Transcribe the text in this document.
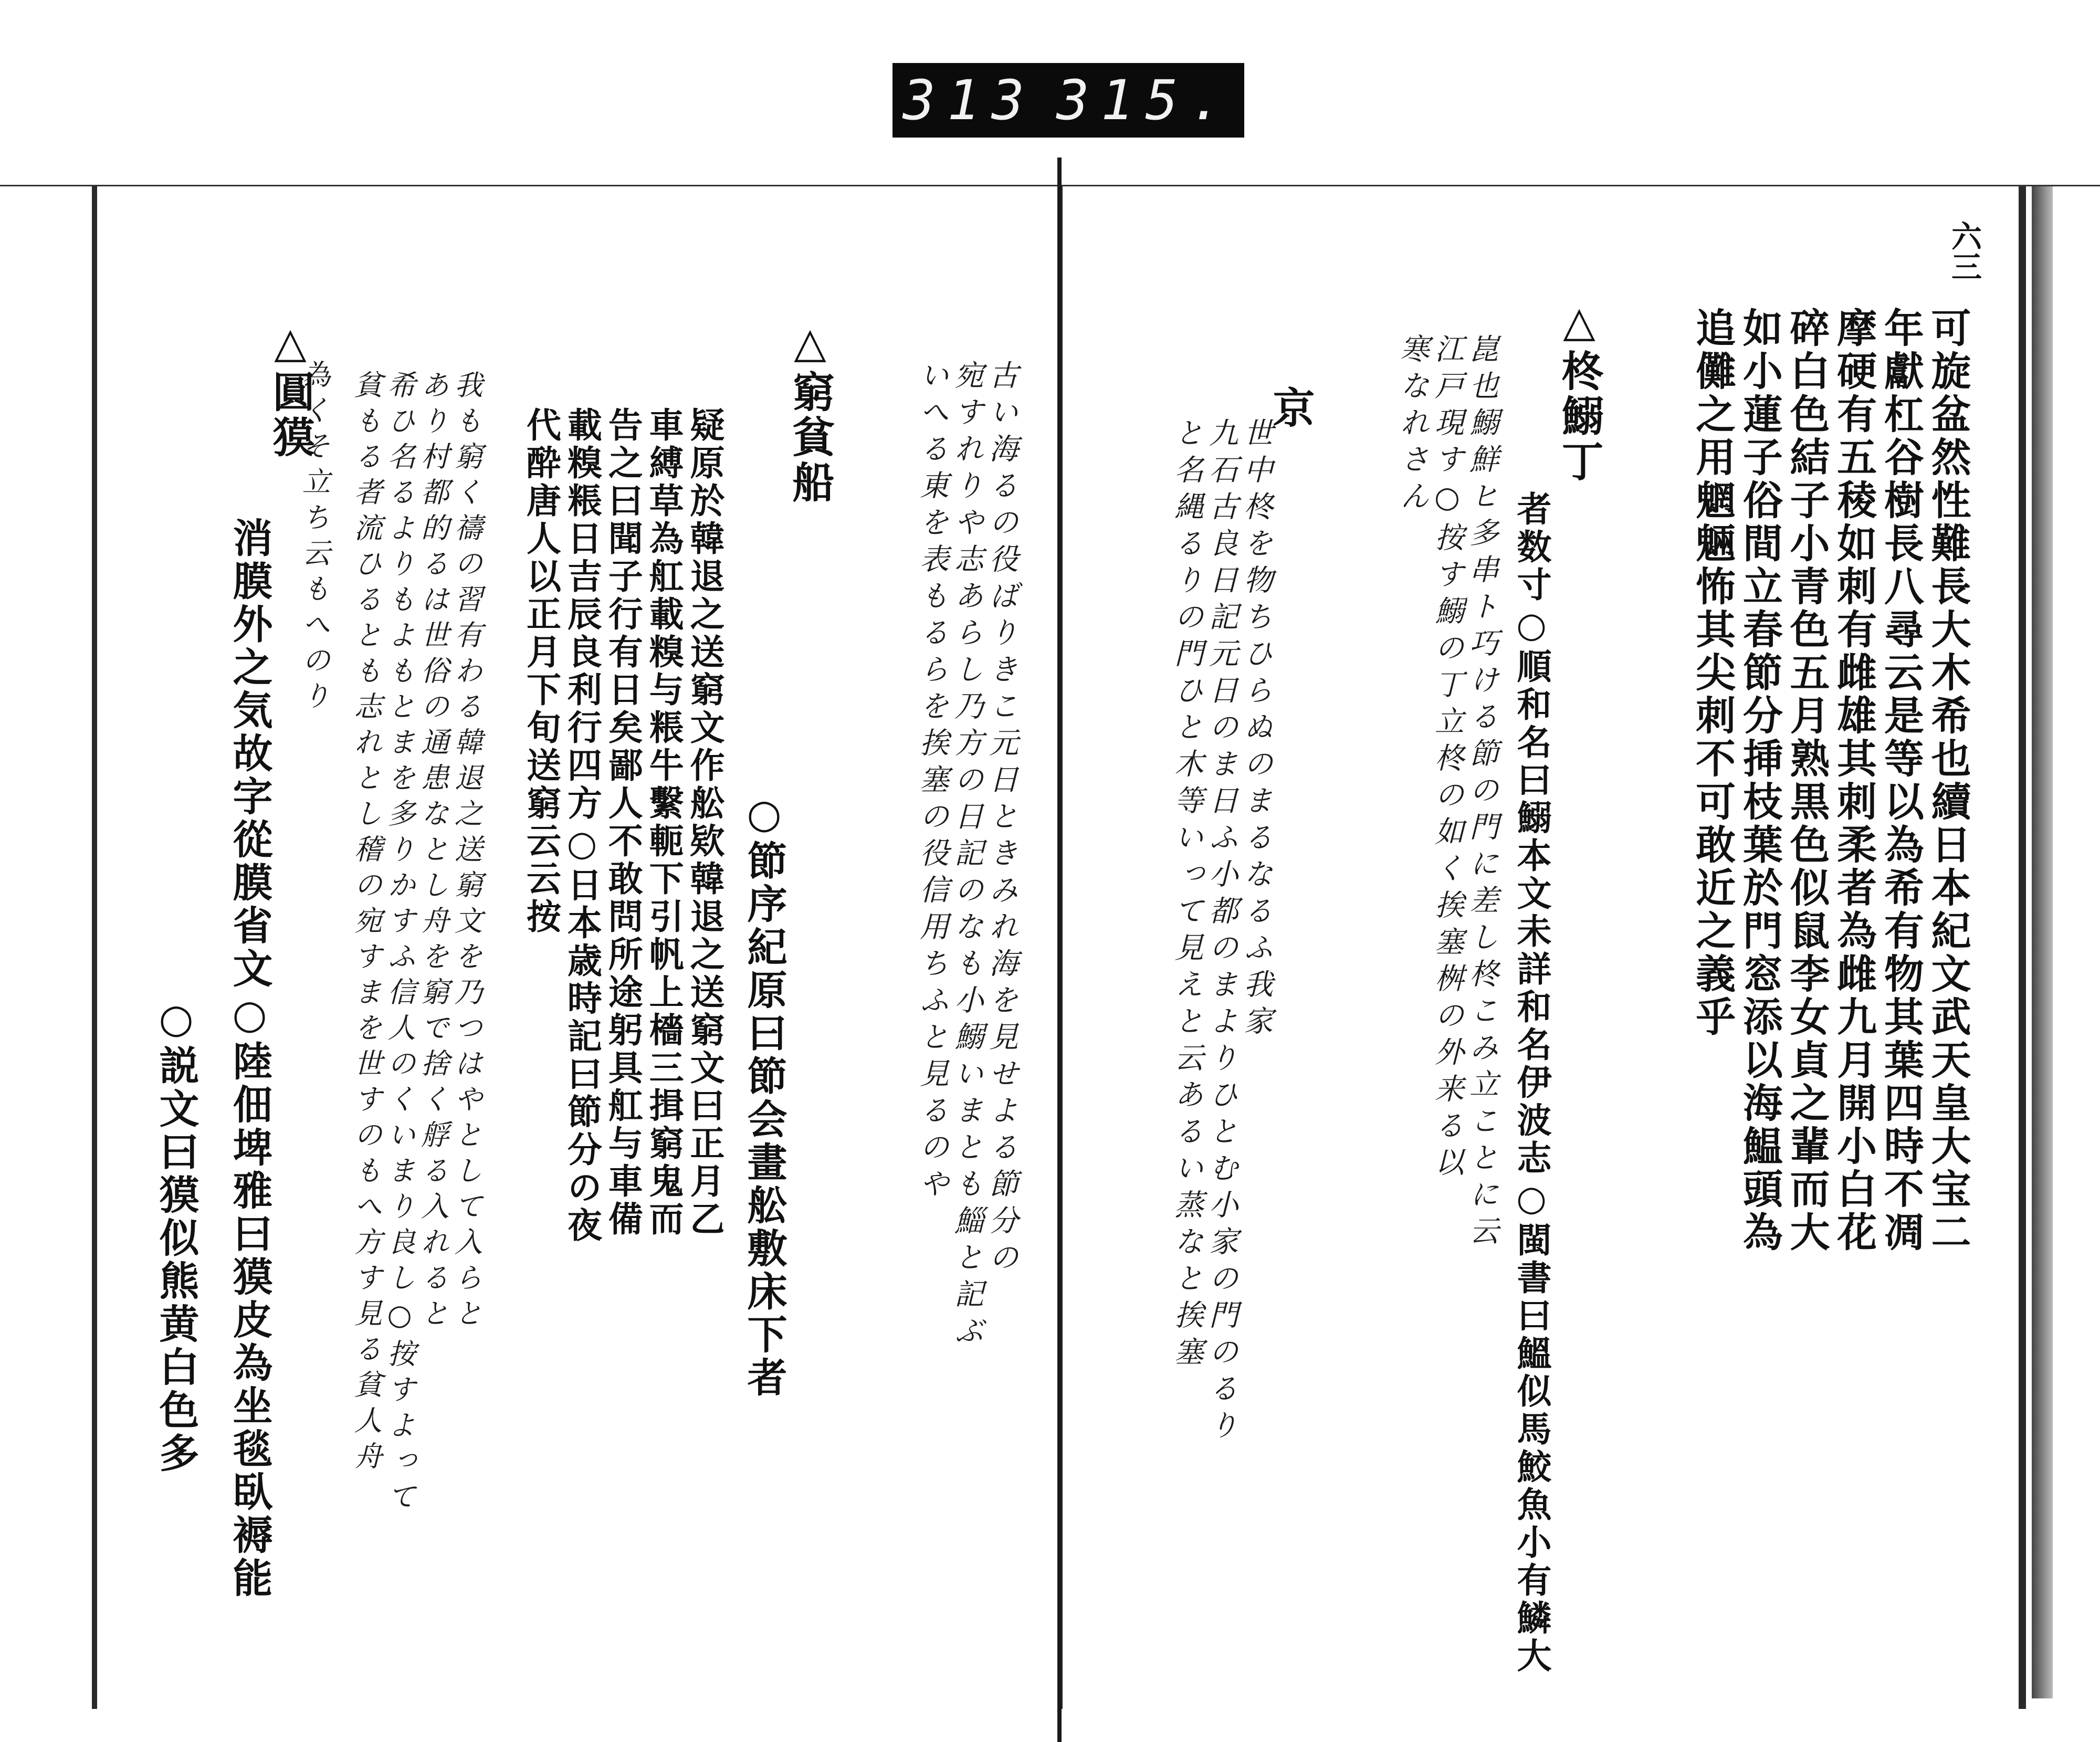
313 315.
古い海るの役ばりきこ元日ときみれ海を見せよる節分の
宛すれりや志あらし乃方の日記のなも小鰯いまとも鯔と記ぶ
いへる東を表もるらを挨塞の役信用ちふと見るのや
△窮貧船
○節序紀原曰節会畫舩敷床下者
疑原於韓退之送窮文作舩欵韓退之送窮文曰正月乙
車縛草為舡載糗与粻牛繫軛下引帆上檣三揖窮鬼而
告之曰聞子行有日矣鄙人不敢問所途躬具舡与車備
載糗粻日吉辰良利行四方○日本歳時記曰節分の夜
代酔唐人以正月下旬送窮云云按
我も窮く禱の習有わる韓退之送窮文を乃つはやとして入らと
あり村都的るは世俗の通患なとし舟を窮で捨く艀る入れると
希ひ名るよりもよもとまを多りかすふ信人のくいまり良し○按すよって
貧もる者流ひるとも志れとし稽の宛すまを世すのもへ方す見る貧人舟
為くそ立ち云もへのり
△圓獏
消膜外之気故字從膜省文○陸佃埤雅曰獏皮為坐毯臥褥能
○説文曰獏似熊黄白色多
六三
可旋盆然性難長大木希也續日本紀文武天皇大宝二
年獻杠谷樹長八尋云是等以為希有物其葉四時不凋
摩硬有五稜如刺有雌雄其刺柔者為雌九月開小白花
碎白色結子小青色五月熟黒色似鼠李女貞之輩而大
如小蓮子俗間立春節分挿枝葉於門窓添以海鰛頭為
追儺之用魍魎怖其尖刺不可敢近之義乎
△柊鰯丁
者数寸○順和名曰鰯本文未詳和名伊波志○閩書曰鰮似馬鮫魚小有鱗大
崑也鰯鮮ヒ多串ト巧ける節の門に差し柊こみ立ことに云
江戸現す○按す鰯の丁立柊の如く挨塞桝の外来る以
寒なれさん
京
世中柊を物ちひらぬのまるなるふ我家
九石古良日記元日のま日ふ小都のまよりひとむ小家の門のるり
と名縄るりの門ひと木等いって見えと云あるい蒸なと挨塞
